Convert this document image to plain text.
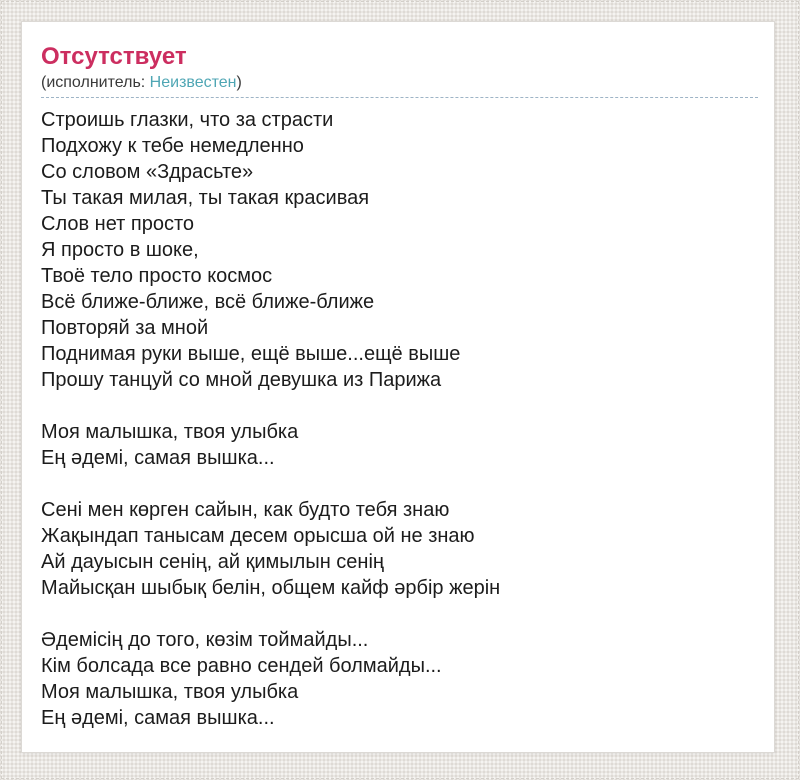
Отсутствует
(исполнитель: Неизвестен)
Строишь глазки, что за страсти
Подхожу к тебе немедленно
Со словом «Здрасьте»
Ты такая милая, ты такая красивая
Слов нет просто
Я просто в шоке,
Твоё тело просто космос
Всё ближе-ближе, всё ближе-ближе
Повторяй за мной
Поднимая руки выше, ещё выше...ещё выше
Прошу танцуй со мной девушка из Парижа

Моя малышка, твоя улыбка
Ең әдемі, самая вышка...

Сені мен көрген сайын, как будто тебя знаю
Жақындап танысам десем орысша ой не знаю
Ай дауысын сенің, ай қимылын сенің
Майысқан шыбық белін, общем кайф әрбір жерін

Әдемісің до того, көзім тоймайды...
Кім болсада все равно сендей болмайды...
Моя малышка, твоя улыбка
Ең әдемі, самая вышка...
